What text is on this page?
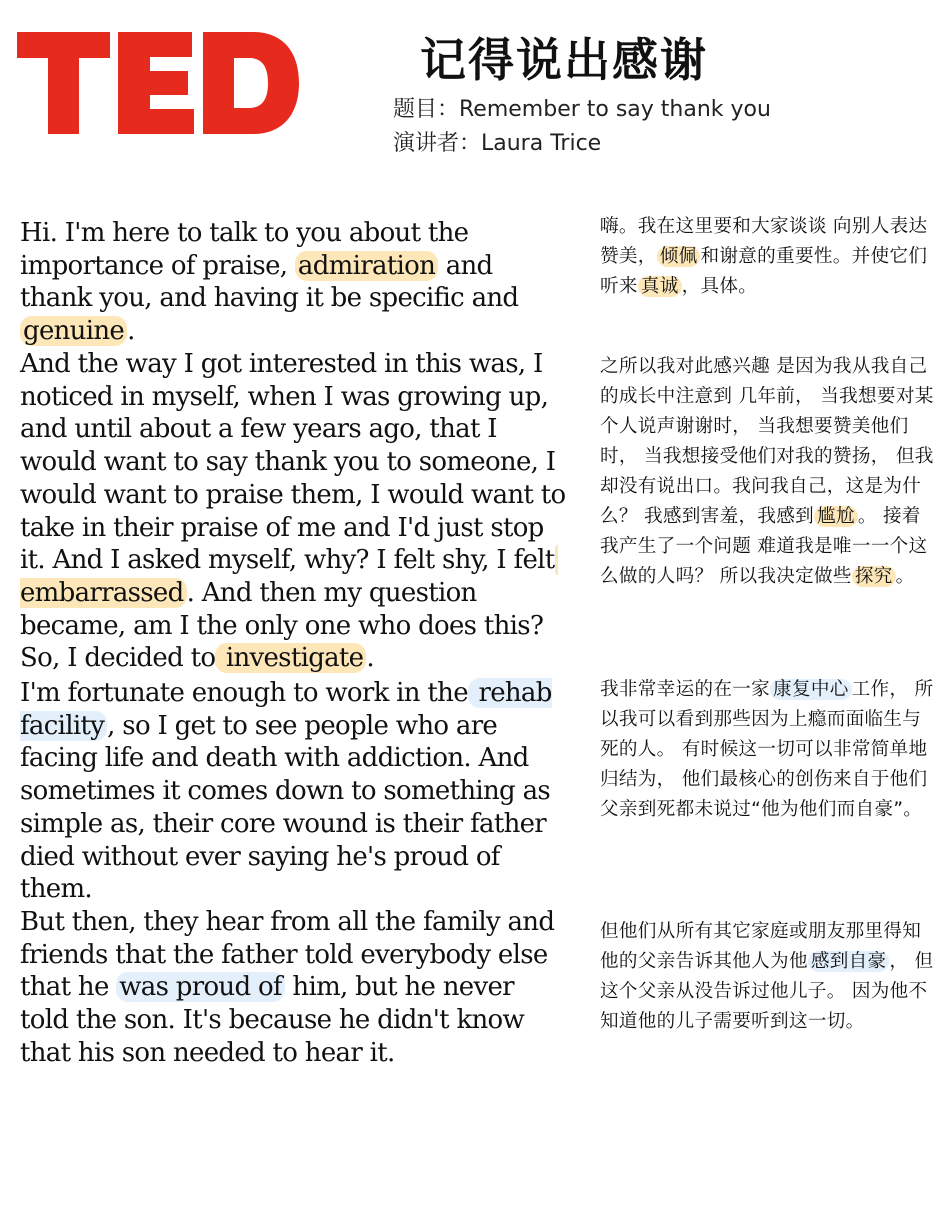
记得说出感谢
题目：Remember to say thank you
演讲者：Laura Trice

Hi. I'm here to talk to you about the importance of praise, admiration and thank you, and having it be specific and genuine .

嗨。我在这里要和大家谈谈 向别人表达赞美， 倾佩 和谢意的重要性。并使它们听来 真诚 ，具体。

And the way I got interested in this was, I noticed in myself, when I was growing up, and until about a few years ago, that I would want to say thank you to someone, I would want to praise them, I would want to take in their praise of me and I'd just stop it. And I asked myself, why? I felt shy, I felt embarrassed . And then my question became, am I the only one who does this? So, I decided to investigate .

之所以我对此感兴趣 是因为我从我自己的成长中注意到 几年前， 当我想要对某个人说声谢谢时， 当我想要赞美他们时， 当我想接受他们对我的赞扬， 但我却没有说出口。我问我自己，这是为什么？ 我感到害羞，我感到 尴尬 。 接着我产生了一个问题 难道我是唯一一个这么做的人吗？ 所以我决定做些 探究 。

I'm fortunate enough to work in the rehab facility , so I get to see people who are facing life and death with addiction. And sometimes it comes down to something as simple as, their core wound is their father died without ever saying he's proud of them.

我非常幸运的在一家 康复中心 工作， 所以我可以看到那些因为上瘾而面临生与死的人。 有时候这一切可以非常简单地归结为， 他们最核心的创伤来自于他们父亲到死都未说过“他为他们而自豪”。

But then, they hear from all the family and friends that the father told everybody else that he was proud of him, but he never told the son. It's because he didn't know that his son needed to hear it.

但他们从所有其它家庭或朋友那里得知 他的父亲告诉其他人为他 感到自豪 ， 但这个父亲从没告诉过他儿子。 因为他不知道他的儿子需要听到这一切。
